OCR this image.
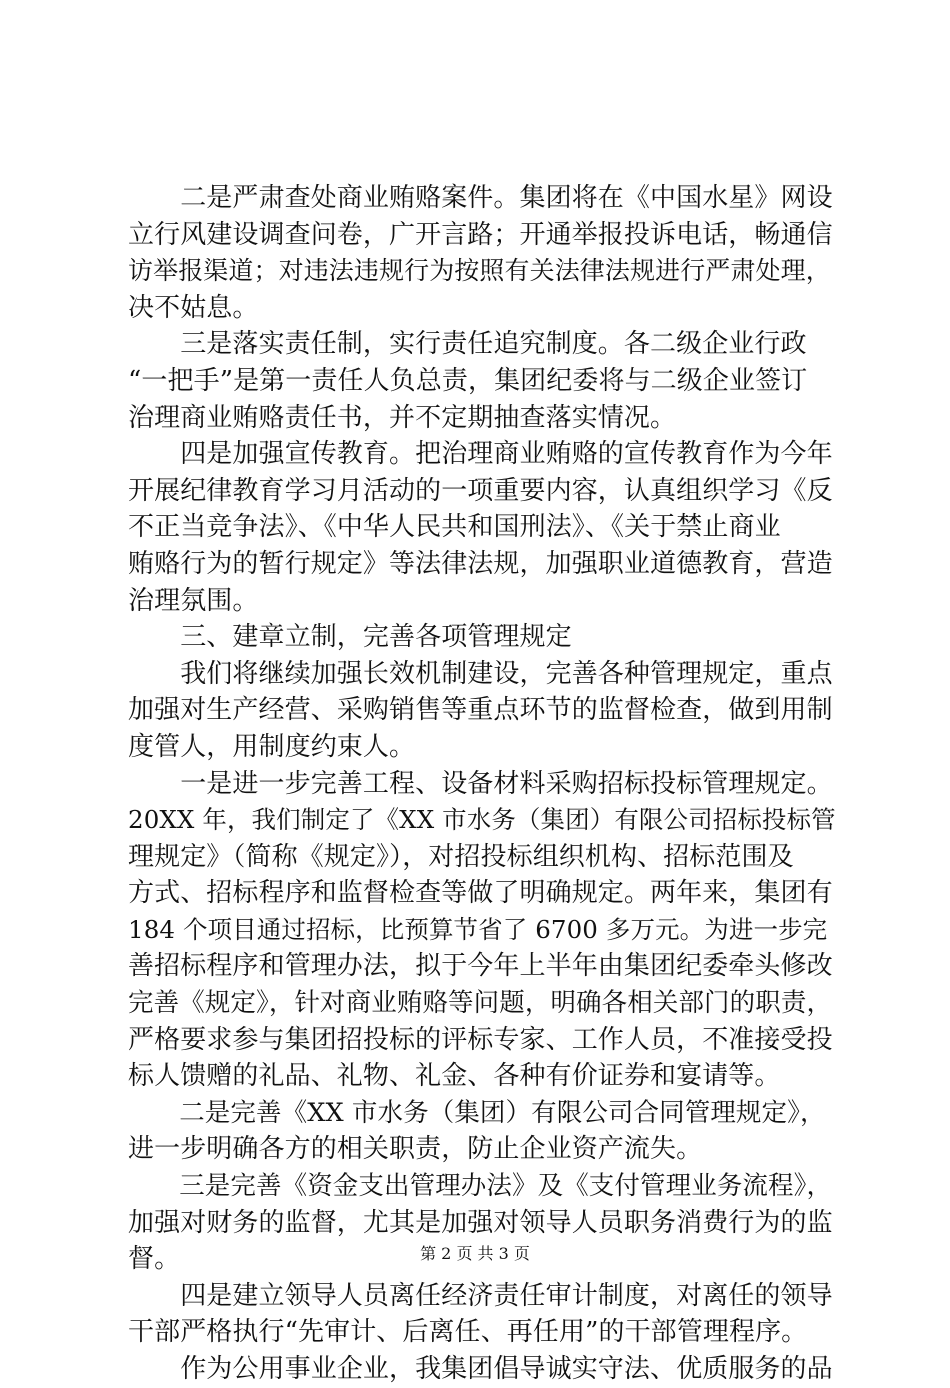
　　二是严肃查处商业贿赂案件。集团将在《中国水星》网设
立行风建设调查问卷，广开言路；开通举报投诉电话，畅通信
访举报渠道；对违法违规行为按照有关法律法规进行严肃处理，
决不姑息。
　　三是落实责任制，实行责任追究制度。各二级企业行政
“一把手”是第一责任人负总责，集团纪委将与二级企业签订
治理商业贿赂责任书，并不定期抽查落实情况。
　　四是加强宣传教育。把治理商业贿赂的宣传教育作为今年
开展纪律教育学习月活动的一项重要内容，认真组织学习《反
不正当竞争法》、《中华人民共和国刑法》、《关于禁止商业
贿赂行为的暂行规定》等法律法规，加强职业道德教育，营造
治理氛围。
　　三、建章立制，完善各项管理规定
　　我们将继续加强长效机制建设，完善各种管理规定，重点
加强对生产经营、采购销售等重点环节的监督检查，做到用制
度管人，用制度约束人。
　　一是进一步完善工程、设备材料采购招标投标管理规定。
20XX 年，我们制定了《XX 市水务（集团）有限公司招标投标管
理规定》（简称《规定》），对招投标组织机构、招标范围及
方式、招标程序和监督检查等做了明确规定。两年来，集团有
184 个项目通过招标，比预算节省了 6700 多万元。为进一步完
善招标程序和管理办法，拟于今年上半年由集团纪委牵头修改
完善《规定》，针对商业贿赂等问题，明确各相关部门的职责，
严格要求参与集团招投标的评标专家、工作人员，不准接受投
标人馈赠的礼品、礼物、礼金、各种有价证券和宴请等。
　　二是完善《XX 市水务（集团）有限公司合同管理规定》，
进一步明确各方的相关职责，防止企业资产流失。
　　三是完善《资金支出管理办法》及《支付管理业务流程》，
加强对财务的监督，尤其是加强对领导人员职务消费行为的监
督。
　　四是建立领导人员离任经济责任审计制度，对离任的领导
干部严格执行“先审计、后离任、再任用”的干部管理程序。
　　作为公用事业企业，我集团倡导诚实守法、优质服务的品
第 2 页 共 3 页
